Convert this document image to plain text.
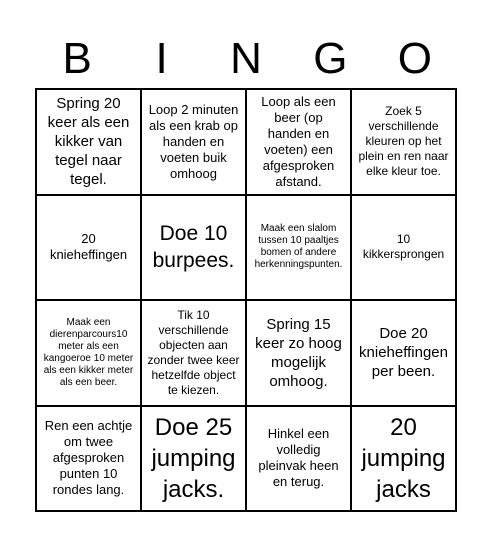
B	I	N	G	O
Spring 20 keer als een kikker van tegel naar tegel.
Loop 2 minuten als een krab op handen en voeten buik omhoog
Loop als een beer (op handen en voeten) een afgesproken afstand.
Zoek 5 verschillende kleuren op het plein en ren naar elke kleur toe.
20 knieheffingen
Doe 10 burpees.
Maak een slalom tussen 10 paaltjes bomen of andere herkenningspunten.
10 kikkersprongen
Maak een dierenparcours10 meter als een kangoeroe 10 meter als een kikker meter als een beer.
Tik 10 verschillende objecten aan zonder twee keer hetzelfde object te kiezen.
Spring 15 keer zo hoog mogelijk omhoog.
Doe 20 knieheffingen per been.
Ren een achtje om twee afgesproken punten 10 rondes lang.
Doe 25 jumping jacks.
Hinkel een volledig pleinvak heen en terug.
20 jumping jacks
